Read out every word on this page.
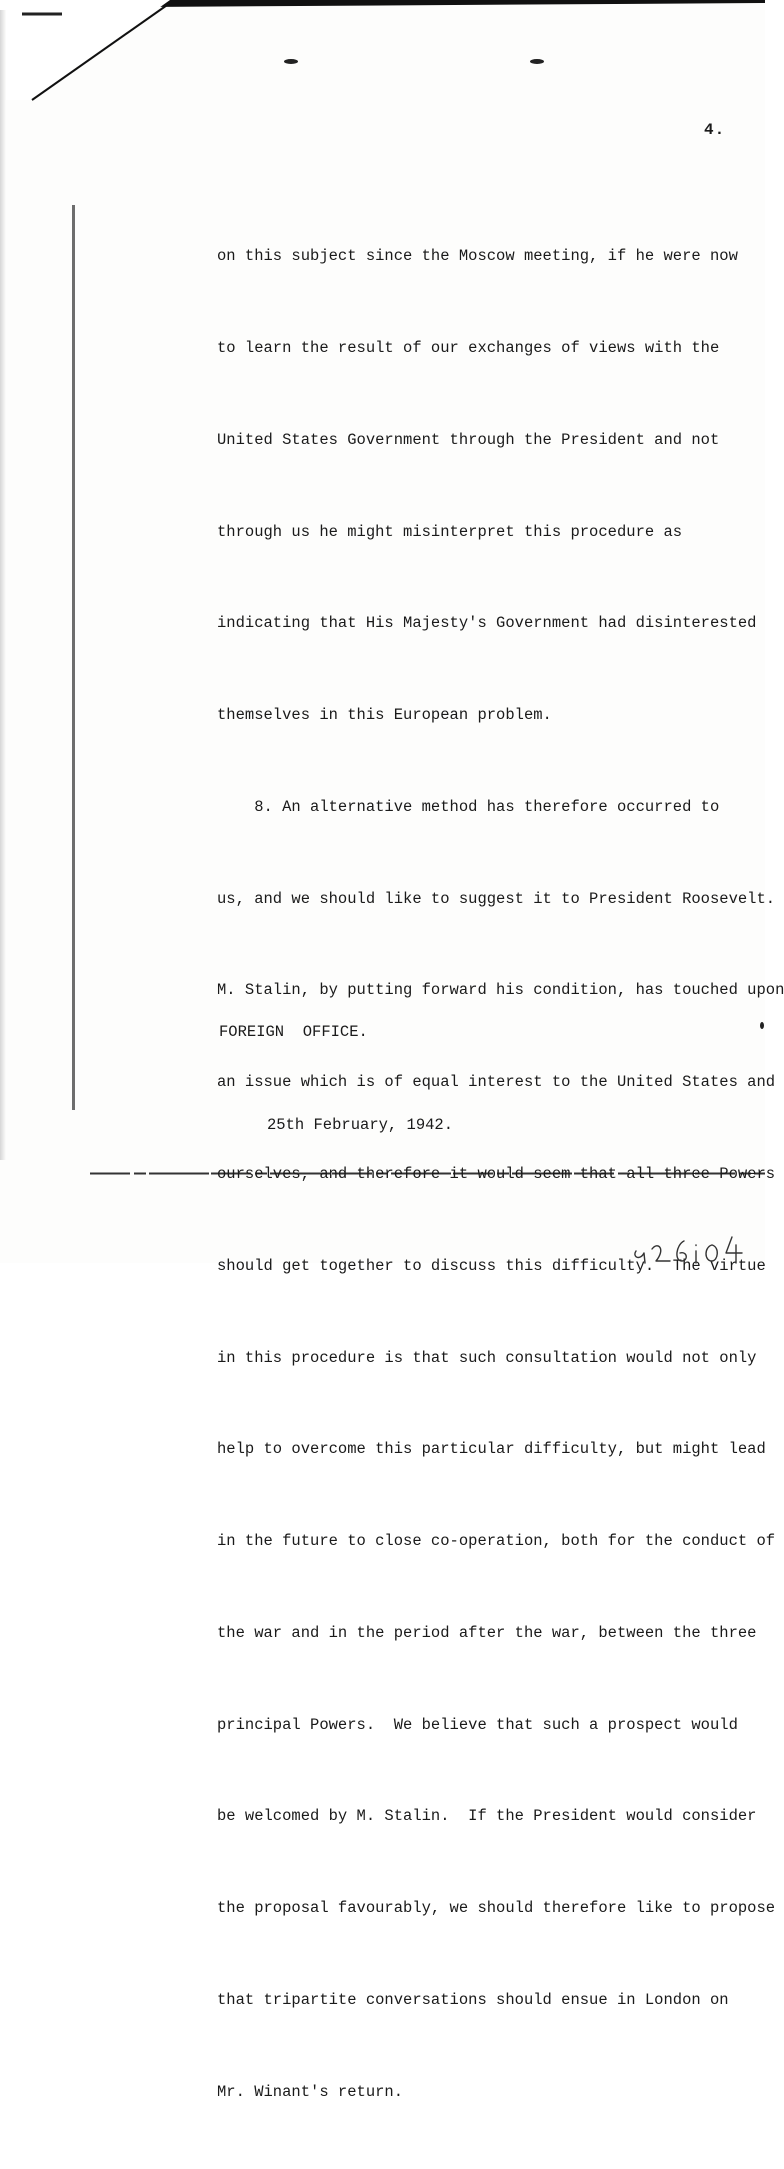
4.

on this subject since the Moscow meeting, if he were now

to learn the result of our exchanges of views with the

United States Government through the President and not

through us he might misinterpret this procedure as

indicating that His Majesty's Government had disinterested

themselves in this European problem.

8. An alternative method has therefore occurred to

us, and we should like to suggest it to President Roosevelt.

M. Stalin, by putting forward his condition, has touched upon

an issue which is of equal interest to the United States and

ourselves, and therefore it would seem that all three Powers

should get together to discuss this difficulty.  The virtue

in this procedure is that such consultation would not only

help to overcome this particular difficulty, but might lead

in the future to close co-operation, both for the conduct of

the war and in the period after the war, between the three

principal Powers.  We believe that such a prospect would

be welcomed by M. Stalin.  If the President would consider

the proposal favourably, we should therefore like to propose

that tripartite conversations should ensue in London on

Mr. Winant's return.

FOREIGN  OFFICE.

25th February, 1942.
